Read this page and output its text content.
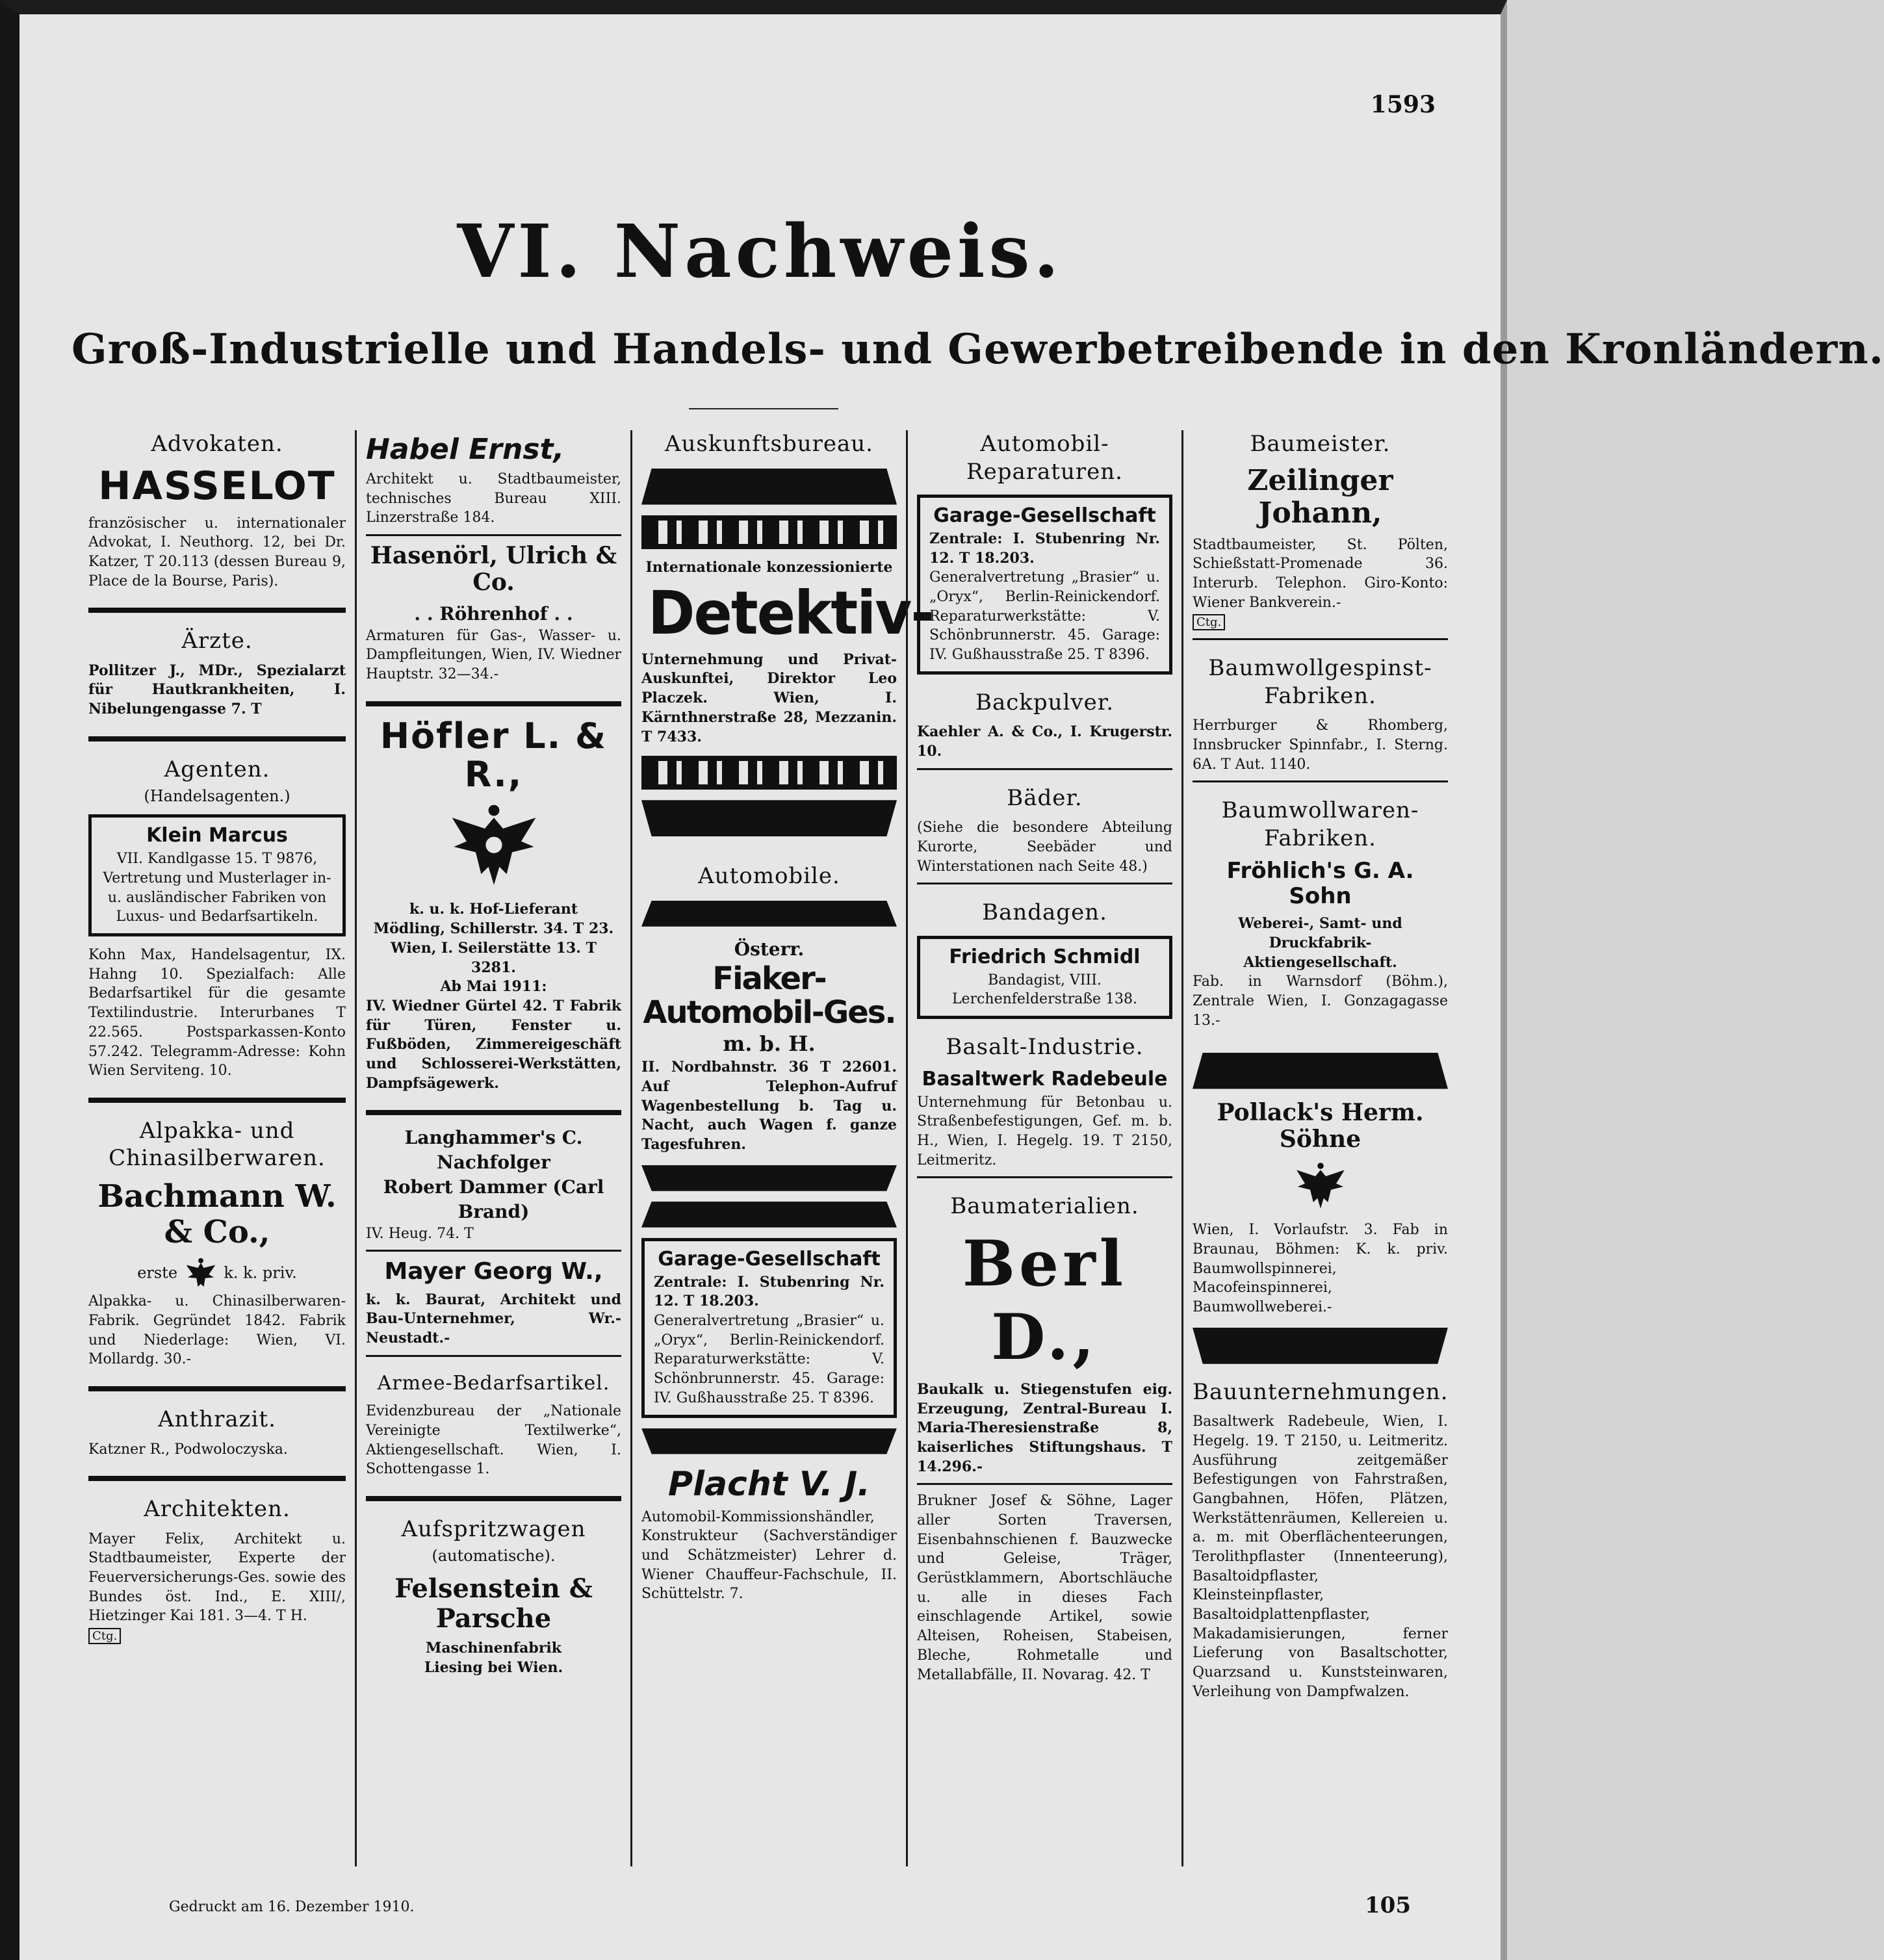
1593
VI. Nachweis.
Groß-Industrielle und Handels- und Gewerbetreibende in den Kronländern.
Advokaten.
HASSELOT
französischer u. internationaler Advokat, I. Neuthorg. 12, bei Dr. Katzer, T 20.113 (dessen Bureau 9, Place de la Bourse, Paris).
Ärzte.
Pollitzer J., MDr., Spezialarzt für Hautkrankheiten, I. Nibelungengasse 7. T
Agenten.
(Handelsagenten.)
Klein Marcus
VII. Kandlgasse 15. T 9876, Vertretung und Musterlager in- u. ausländischer Fabriken von Luxus- und Bedarfsartikeln.
Kohn Max, Handelsagentur, IX. Hahng 10. Spezialfach: Alle Bedarfsartikel für die gesamte Textilindustrie. Interurbanes T 22.565. Postsparkassen-Konto 57.242. Telegramm-Adresse: Kohn Wien Serviteng. 10.
Alpakka- und Chinasilberwaren.
Bachmann W. & Co.,
erste	k. k. priv.
Alpakka- u. Chinasilberwaren-Fabrik. Gegründet 1842. Fabrik und Niederlage: Wien, VI. Mollardg. 30.-
Anthrazit.
Katzner R., Podwoloczyska.
Architekten.
Mayer Felix, Architekt u. Stadtbaumeister, Experte der Feuerversicherungs-Ges. sowie des Bundes öst. Ind., E. XIII/, Hietzinger Kai 181. 3—4. T H.
Ctg.
Habel Ernst,
Architekt u. Stadtbaumeister, technisches Bureau XIII. Linzerstraße 184.
Hasenörl, Ulrich & Co.
. . Röhrenhof . .
Armaturen für Gas-, Wasser- u. Dampfleitungen, Wien, IV. Wiedner Hauptstr. 32—34.-
Höfler L. & R.,
k. u. k. Hof-Lieferant
Mödling, Schillerstr. 34. T 23.
Wien, I. Seilerstätte 13. T 3281.
Ab Mai 1911:
IV. Wiedner Gürtel 42. T Fabrik für Türen, Fenster u. Fußböden, Zimmereigeschäft und Schlosserei-Werkstätten, Dampfsägewerk.
Langhammer's C. Nachfolger
Robert Dammer (Carl Brand)
IV. Heug. 74. T
Mayer Georg W.,
k. k. Baurat, Architekt und Bau-Unternehmer, Wr.-Neustadt.-
Armee-Bedarfsartikel.
Evidenzbureau der „Nationale Vereinigte Textilwerke“, Aktiengesellschaft. Wien, I. Schottengasse 1.
Aufspritzwagen
(automatische).
Felsenstein & Parsche
Maschinenfabrik
Liesing bei Wien.
Auskunftsbureau.
Internationale konzessionierte
Detektiv-
Unternehmung und Privat-Auskunftei, Direktor Leo Placzek. Wien, I. Kärnthnerstraße 28, Mezzanin. T 7433.
Automobile.
Österr.
Fiaker-Automobil-Ges.
m. b. H.
II. Nordbahnstr. 36 T 22601. Auf Telephon-Aufruf Wagenbestellung b. Tag u. Nacht, auch Wagen f. ganze Tagesfuhren.
Garage-Gesellschaft
Zentrale: I. Stubenring Nr. 12. T 18.203.
Generalvertretung „Brasier“ u. „Oryx“, Berlin-Reinickendorf. Reparaturwerkstätte: V. Schönbrunnerstr. 45. Garage: IV. Gußhausstraße 25. T 8396.
Placht V. J.
Automobil-Kommissionshändler, Konstrukteur (Sachverständiger und Schätzmeister) Lehrer d. Wiener Chauffeur-Fachschule, II. Schüttelstr. 7.
Automobil-Reparaturen.
Garage-Gesellschaft
Zentrale: I. Stubenring Nr. 12. T 18.203.
Generalvertretung „Brasier“ u. „Oryx“, Berlin-Reinickendorf. Reparaturwerkstätte: V. Schönbrunnerstr. 45. Garage: IV. Gußhausstraße 25. T 8396.
Backpulver.
Kaehler A. & Co., I. Krugerstr. 10.
Bäder.
(Siehe die besondere Abteilung Kurorte, Seebäder und Winterstationen nach Seite 48.)
Bandagen.
Friedrich Schmidl
Bandagist, VIII. Lerchenfelderstraße 138.
Basalt-Industrie.
Basaltwerk Radebeule
Unternehmung für Betonbau u. Straßenbefestigungen, Gef. m. b. H., Wien, I. Hegelg. 19. T 2150, Leitmeritz.
Baumaterialien.
Berl D.,
Baukalk u. Stiegenstufen eig. Erzeugung, Zentral-Bureau I. Maria-Theresienstraße 8, kaiserliches Stiftungshaus. T 14.296.-
Brukner Josef & Söhne, Lager aller Sorten Traversen, Eisenbahnschienen f. Bauzwecke und Geleise, Träger, Gerüstklammern, Abortschläuche u. alle in dieses Fach einschlagende Artikel, sowie Alteisen, Roheisen, Stabeisen, Bleche, Rohmetalle und Metallabfälle, II. Novarag. 42. T
Baumeister.
Zeilinger Johann,
Stadtbaumeister, St. Pölten, Schießstatt-Promenade 36. Interurb. Telephon. Giro-Konto: Wiener Bankverein.-
Ctg.
Baumwollgespinst-Fabriken.
Herrburger & Rhomberg, Innsbrucker Spinnfabr., I. Sterng. 6A. T Aut. 1140.
Baumwollwaren-Fabriken.
Fröhlich's G. A. Sohn
Weberei-, Samt- und Druckfabrik-Aktiengesellschaft.
Fab. in Warnsdorf (Böhm.), Zentrale Wien, I. Gonzagagasse 13.-
Pollack's Herm. Söhne
Wien, I. Vorlaufstr. 3. Fab in Braunau, Böhmen: K. k. priv. Baumwollspinnerei, Macofeinspinnerei, Baumwollweberei.-
Bauunternehmungen.
Basaltwerk Radebeule, Wien, I. Hegelg. 19. T 2150, u. Leitmeritz. Ausführung zeitgemäßer Befestigungen von Fahrstraßen, Gangbahnen, Höfen, Plätzen, Werkstättenräumen, Kellereien u. a. m. mit Oberflächenteerungen, Terolithpflaster (Innenteerung), Basaltoidpflaster, Kleinsteinpflaster, Basaltoidplattenpflaster, Makadamisierungen, ferner Lieferung von Basaltschotter, Quarzsand u. Kunststeinwaren, Verleihung von Dampfwalzen.
Gedruckt am 16. Dezember 1910.	105
